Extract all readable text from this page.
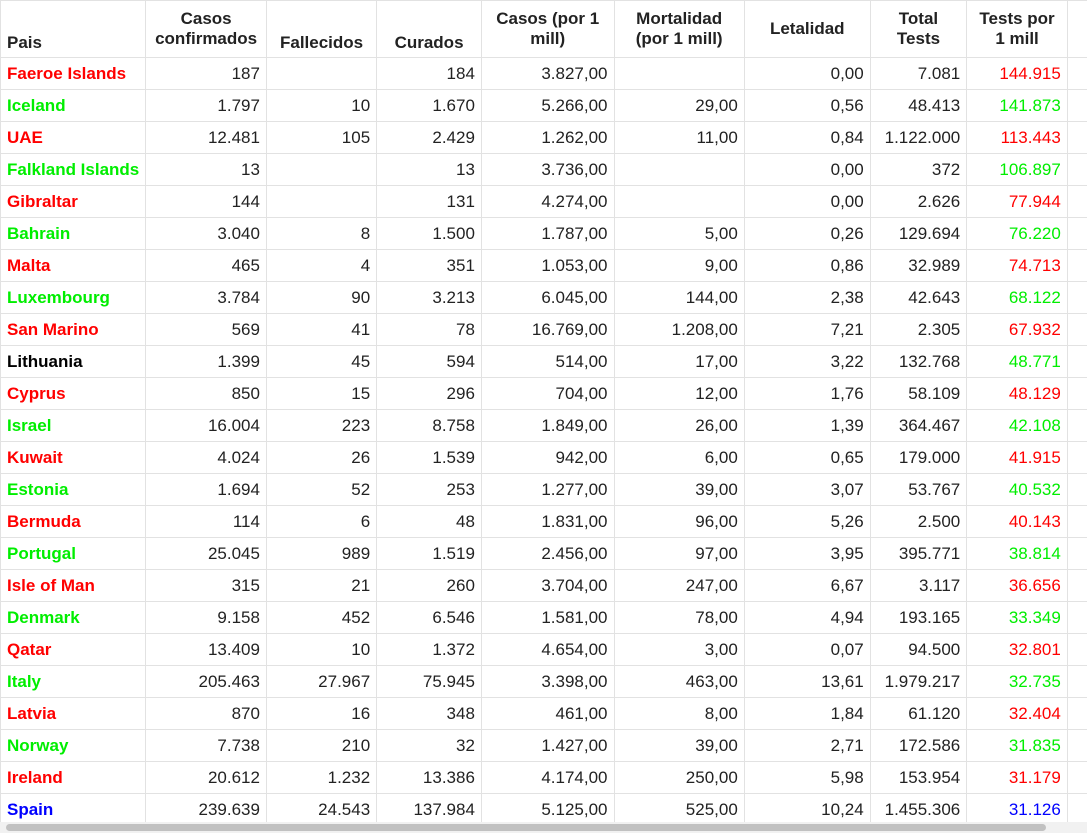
Pais	Casos confirmados	Fallecidos	Curados	Casos (por 1 mill)	Mortalidad (por 1 mill)	Letalidad	Total Tests	Tests por 1 mill	
Faeroe Islands	187		184	3.827,00		0,00	7.081	144.915	
Iceland	1.797	10	1.670	5.266,00	29,00	0,56	48.413	141.873	
UAE	12.481	105	2.429	1.262,00	11,00	0,84	1.122.000	113.443	
Falkland Islands	13		13	3.736,00		0,00	372	106.897	
Gibraltar	144		131	4.274,00		0,00	2.626	77.944	
Bahrain	3.040	8	1.500	1.787,00	5,00	0,26	129.694	76.220	
Malta	465	4	351	1.053,00	9,00	0,86	32.989	74.713	
Luxembourg	3.784	90	3.213	6.045,00	144,00	2,38	42.643	68.122	
San Marino	569	41	78	16.769,00	1.208,00	7,21	2.305	67.932	
Lithuania	1.399	45	594	514,00	17,00	3,22	132.768	48.771	
Cyprus	850	15	296	704,00	12,00	1,76	58.109	48.129	
Israel	16.004	223	8.758	1.849,00	26,00	1,39	364.467	42.108	
Kuwait	4.024	26	1.539	942,00	6,00	0,65	179.000	41.915	
Estonia	1.694	52	253	1.277,00	39,00	3,07	53.767	40.532	
Bermuda	114	6	48	1.831,00	96,00	5,26	2.500	40.143	
Portugal	25.045	989	1.519	2.456,00	97,00	3,95	395.771	38.814	
Isle of Man	315	21	260	3.704,00	247,00	6,67	3.117	36.656	
Denmark	9.158	452	6.546	1.581,00	78,00	4,94	193.165	33.349	
Qatar	13.409	10	1.372	4.654,00	3,00	0,07	94.500	32.801	
Italy	205.463	27.967	75.945	3.398,00	463,00	13,61	1.979.217	32.735	
Latvia	870	16	348	461,00	8,00	1,84	61.120	32.404	
Norway	7.738	210	32	1.427,00	39,00	2,71	172.586	31.835	
Ireland	20.612	1.232	13.386	4.174,00	250,00	5,98	153.954	31.179	
Spain	239.639	24.543	137.984	5.125,00	525,00	10,24	1.455.306	31.126	
